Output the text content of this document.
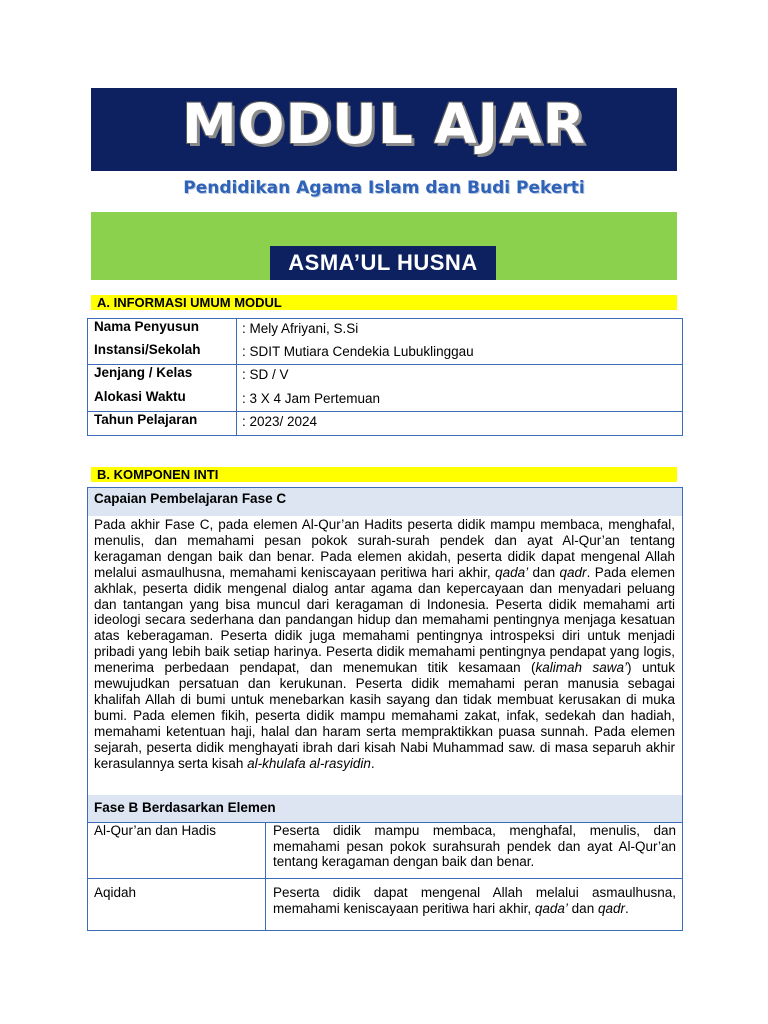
MODUL AJAR
Pendidikan Agama Islam dan Budi Pekerti
ASMA’UL HUSNA
A. INFORMASI UMUM MODUL
Nama Penyusun	: Mely Afriyani, S.Si
Instansi/Sekolah	: SDIT Mutiara Cendekia Lubuklinggau
Jenjang / Kelas	: SD / V
Alokasi Waktu	: 3 X 4 Jam Pertemuan
Tahun Pelajaran	: 2023/ 2024
B. KOMPONEN INTI
Capaian Pembelajaran Fase C

Pada akhir Fase C, pada elemen Al-Qur’an Hadits peserta didik mampu membaca, menghafal, menulis, dan memahami pesan pokok surah-surah pendek dan ayat Al-Qur’an tentang keragaman dengan baik dan benar. Pada elemen akidah, peserta didik dapat mengenal Allah melalui asmaulhusna, memahami keniscayaan peritiwa hari akhir, qada’ dan qadr. Pada elemen akhlak, peserta didik mengenal dialog antar agama dan kepercayaan dan menyadari peluang dan tantangan yang bisa muncul dari keragaman di Indonesia. Peserta didik memahami arti ideologi secara sederhana dan pandangan hidup dan memahami pentingnya menjaga kesatuan atas keberagaman. Peserta didik juga memahami pentingnya introspeksi diri untuk menjadi pribadi yang lebih baik setiap harinya. Peserta didik memahami pentingnya pendapat yang logis, menerima perbedaan pendapat, dan menemukan titik kesamaan (kalimah sawa’) untuk mewujudkan persatuan dan kerukunan. Peserta didik memahami peran manusia sebagai khalifah Allah di bumi untuk menebarkan kasih sayang dan tidak membuat kerusakan di muka bumi. Pada elemen fikih, peserta didik mampu memahami zakat, infak, sedekah dan hadiah, memahami ketentuan haji, halal dan haram serta mempraktikkan puasa sunnah. Pada elemen sejarah, peserta didik menghayati ibrah dari kisah Nabi Muhammad saw. di masa separuh akhir kerasulannya serta kisah al-khulafa al-rasyidin.

Fase B Berdasarkan Elemen
Al-Qur’an dan Hadis	Peserta didik mampu membaca, menghafal, menulis, dan memahami pesan pokok surahsurah pendek dan ayat Al-Qur’an tentang keragaman dengan baik dan benar.

Aqidah	Peserta didik dapat mengenal Allah melalui asmaulhusna, memahami keniscayaan peritiwa hari akhir, qada’ dan qadr.
